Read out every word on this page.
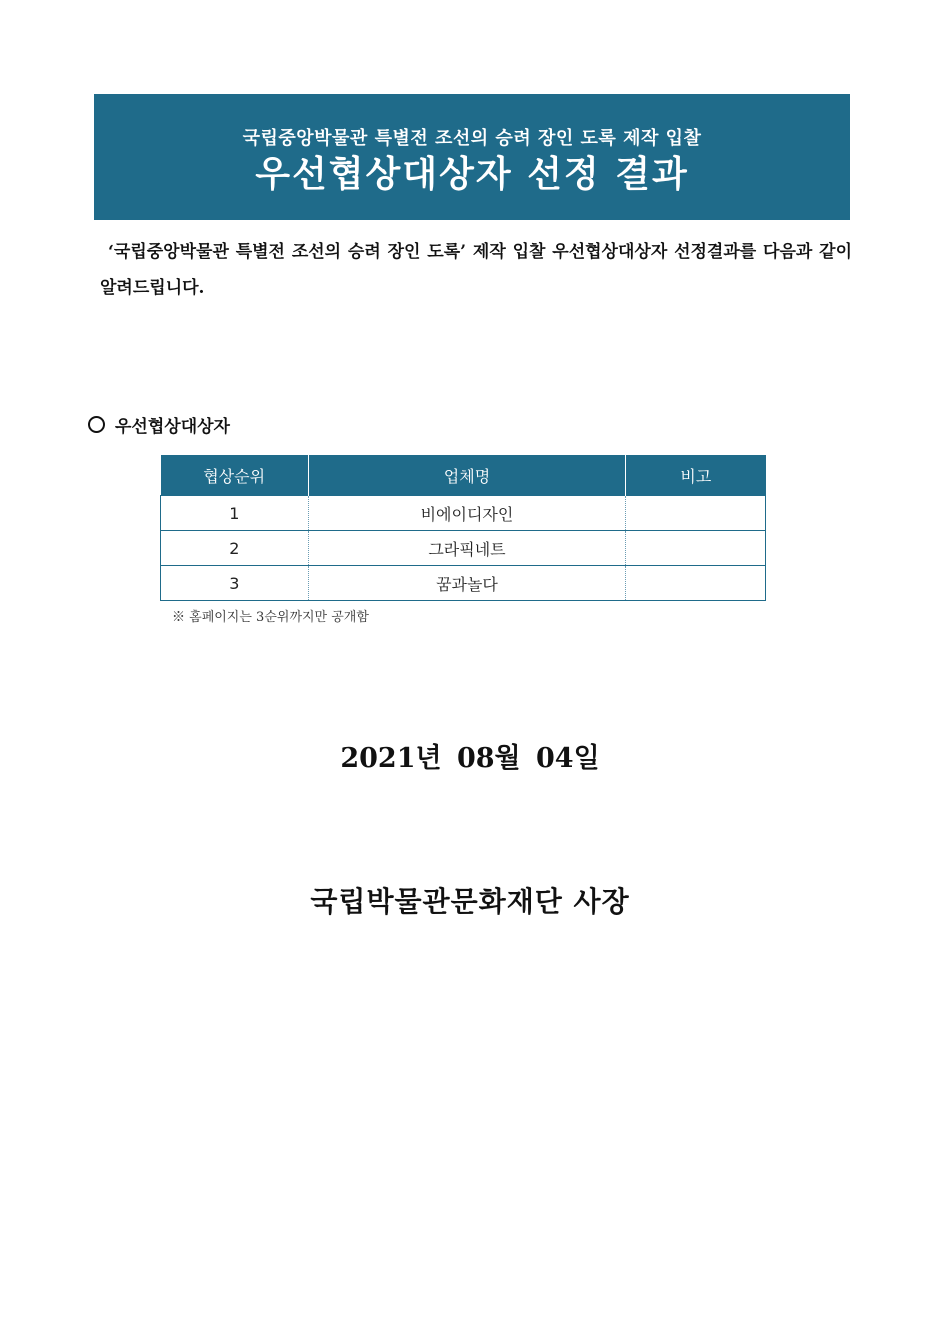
국립중앙박물관 특별전 조선의 승려 장인 도록 제작 입찰
우선협상대상자 선정 결과
‘국립중앙박물관 특별전 조선의 승려 장인 도록’ 제작 입찰 우선협상대상자 선정결과를 다음과 같이 알려드립니다.
우선협상대상자
협상순위	업체명	비고
1	비에이디자인	
2	그라픽네트	
3	꿈과놀다	
※ 홈페이지는 3순위까지만 공개함
2021년 08월 04일
국립박물관문화재단 사장
